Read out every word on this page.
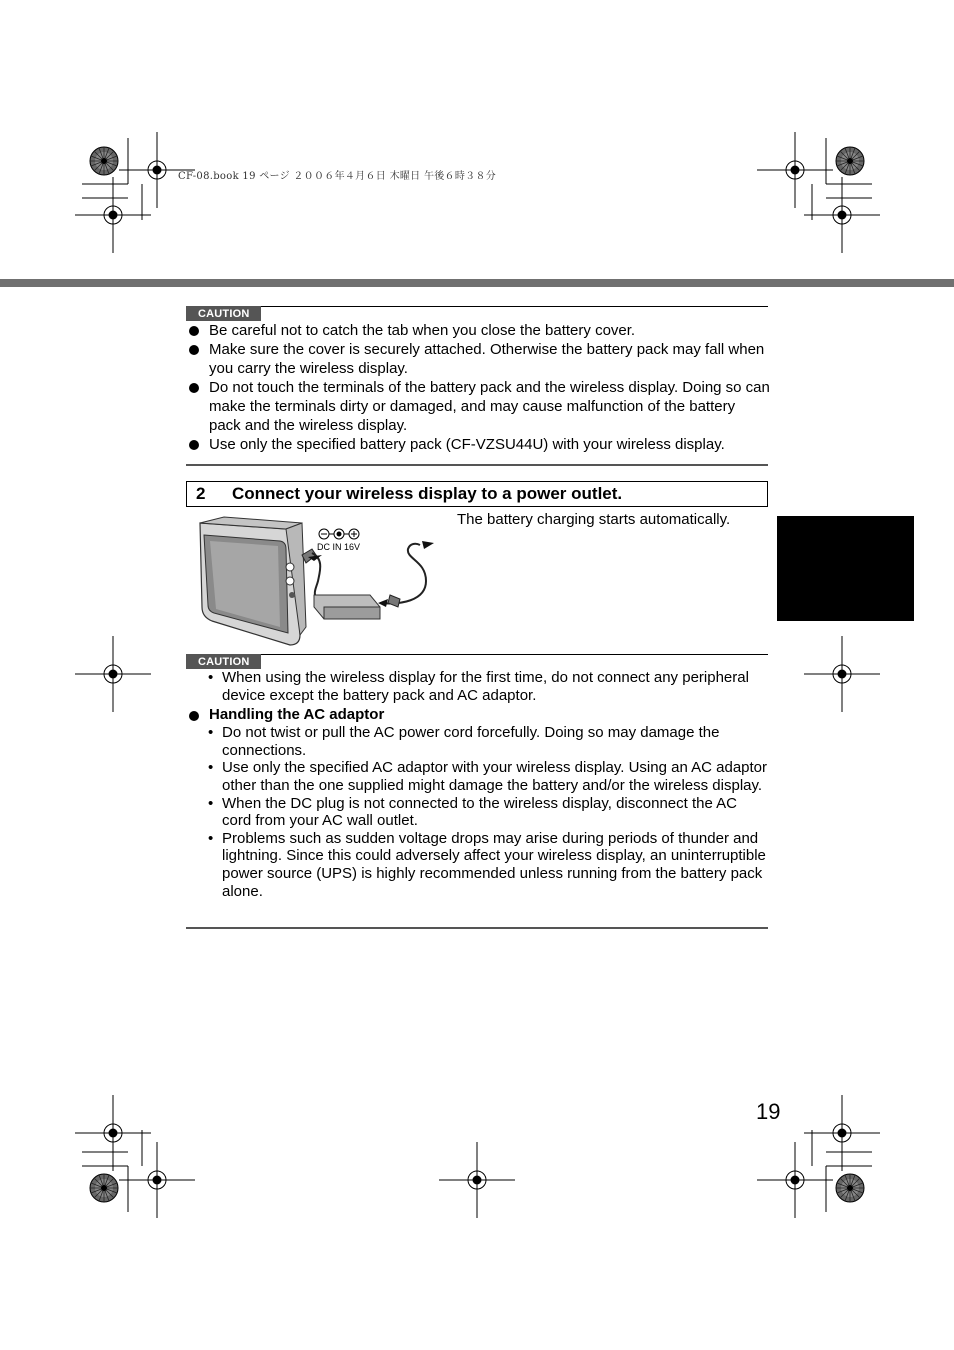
CF-08.book 19 ページ ２００６年４月６日 木曜日 午後６時３８分
CAUTION
Be careful not to catch the tab when you close the battery cover.
Make sure the cover is securely attached. Otherwise the battery pack may fall when you carry the wireless display.
Do not touch the terminals of the battery pack and the wireless display. Doing so can make the terminals dirty or damaged, and may cause malfunction of the battery pack and the wireless display.
Use only the specified battery pack (CF-VZSU44U) with your wireless display.
2 Connect your wireless display to a power outlet.
The battery charging starts automatically.
DC IN 16V
CAUTION
• When using the wireless display for the first time, do not connect any peripheral device except the battery pack and AC adaptor.
Handling the AC adaptor
• Do not twist or pull the AC power cord forcefully. Doing so may damage the connections.
• Use only the specified AC adaptor with your wireless display. Using an AC adaptor other than the one supplied might damage the battery and/or the wireless display.
• When the DC plug is not connected to the wireless display, disconnect the AC cord from your AC wall outlet.
• Problems such as sudden voltage drops may arise during periods of thunder and lightning. Since this could adversely affect your wireless display, an uninterruptible power source (UPS) is highly recommended unless running from the battery pack alone.
19
